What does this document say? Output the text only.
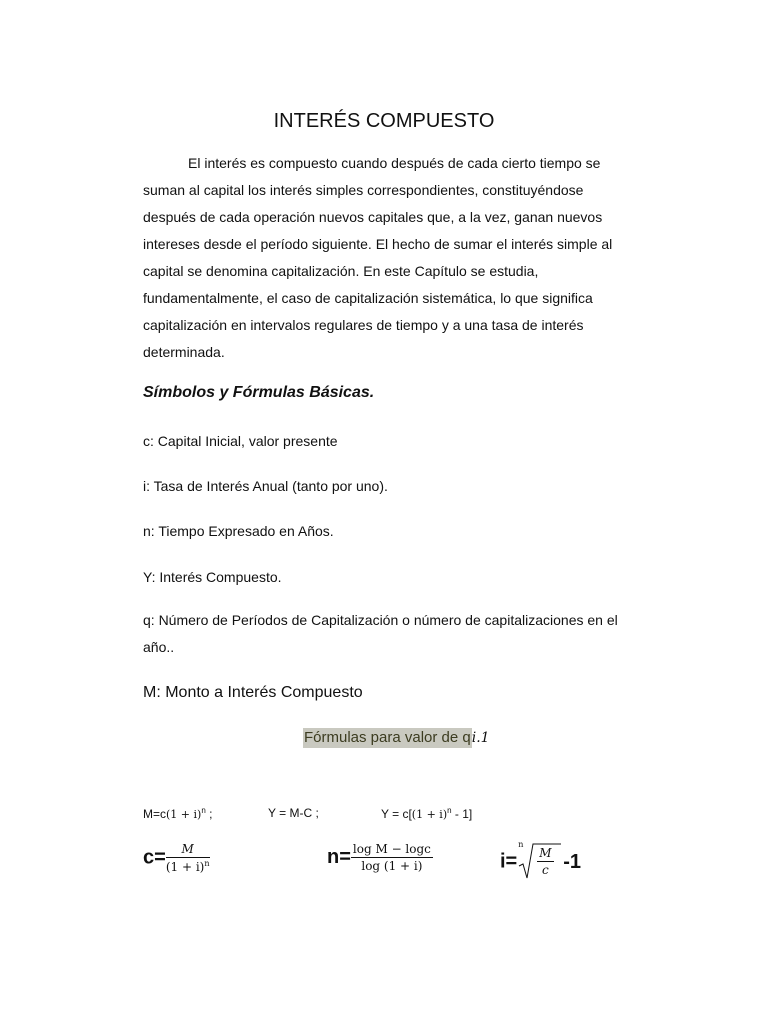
INTERÉS COMPUESTO
El interés es compuesto cuando después de cada cierto tiempo se
suman al capital los interés simples correspondientes, constituyéndose
después de cada operación nuevos capitales que, a la vez, ganan nuevos
intereses desde el período siguiente. El hecho de sumar el interés simple al
capital se denomina capitalización. En este Capítulo se estudia,
fundamentalmente, el caso de capitalización sistemática, lo que significa
capitalización en intervalos regulares de tiempo y a una tasa de interés
determinada.
Símbolos y Fórmulas Básicas.
c: Capital Inicial, valor presente
i: Tasa de Interés Anual (tanto por uno).
n: Tiempo Expresado en Años.
Y: Interés Compuesto.
q: Número de Períodos de Capitalización o número de capitalizaciones en el
año..
M: Monto a Interés Compuesto
Fórmulas para valor de qi.1
$M=c(1 + i)^n$ ;	Y = M-C ;	$Y = c[(1 + i)^n - 1]$
$c= \frac{M}{(1 + i)^n}$	$n= \frac{\text{log M − logc}}{\log (1 + i)}$	i=
n
$\frac{M}{c} -1$
